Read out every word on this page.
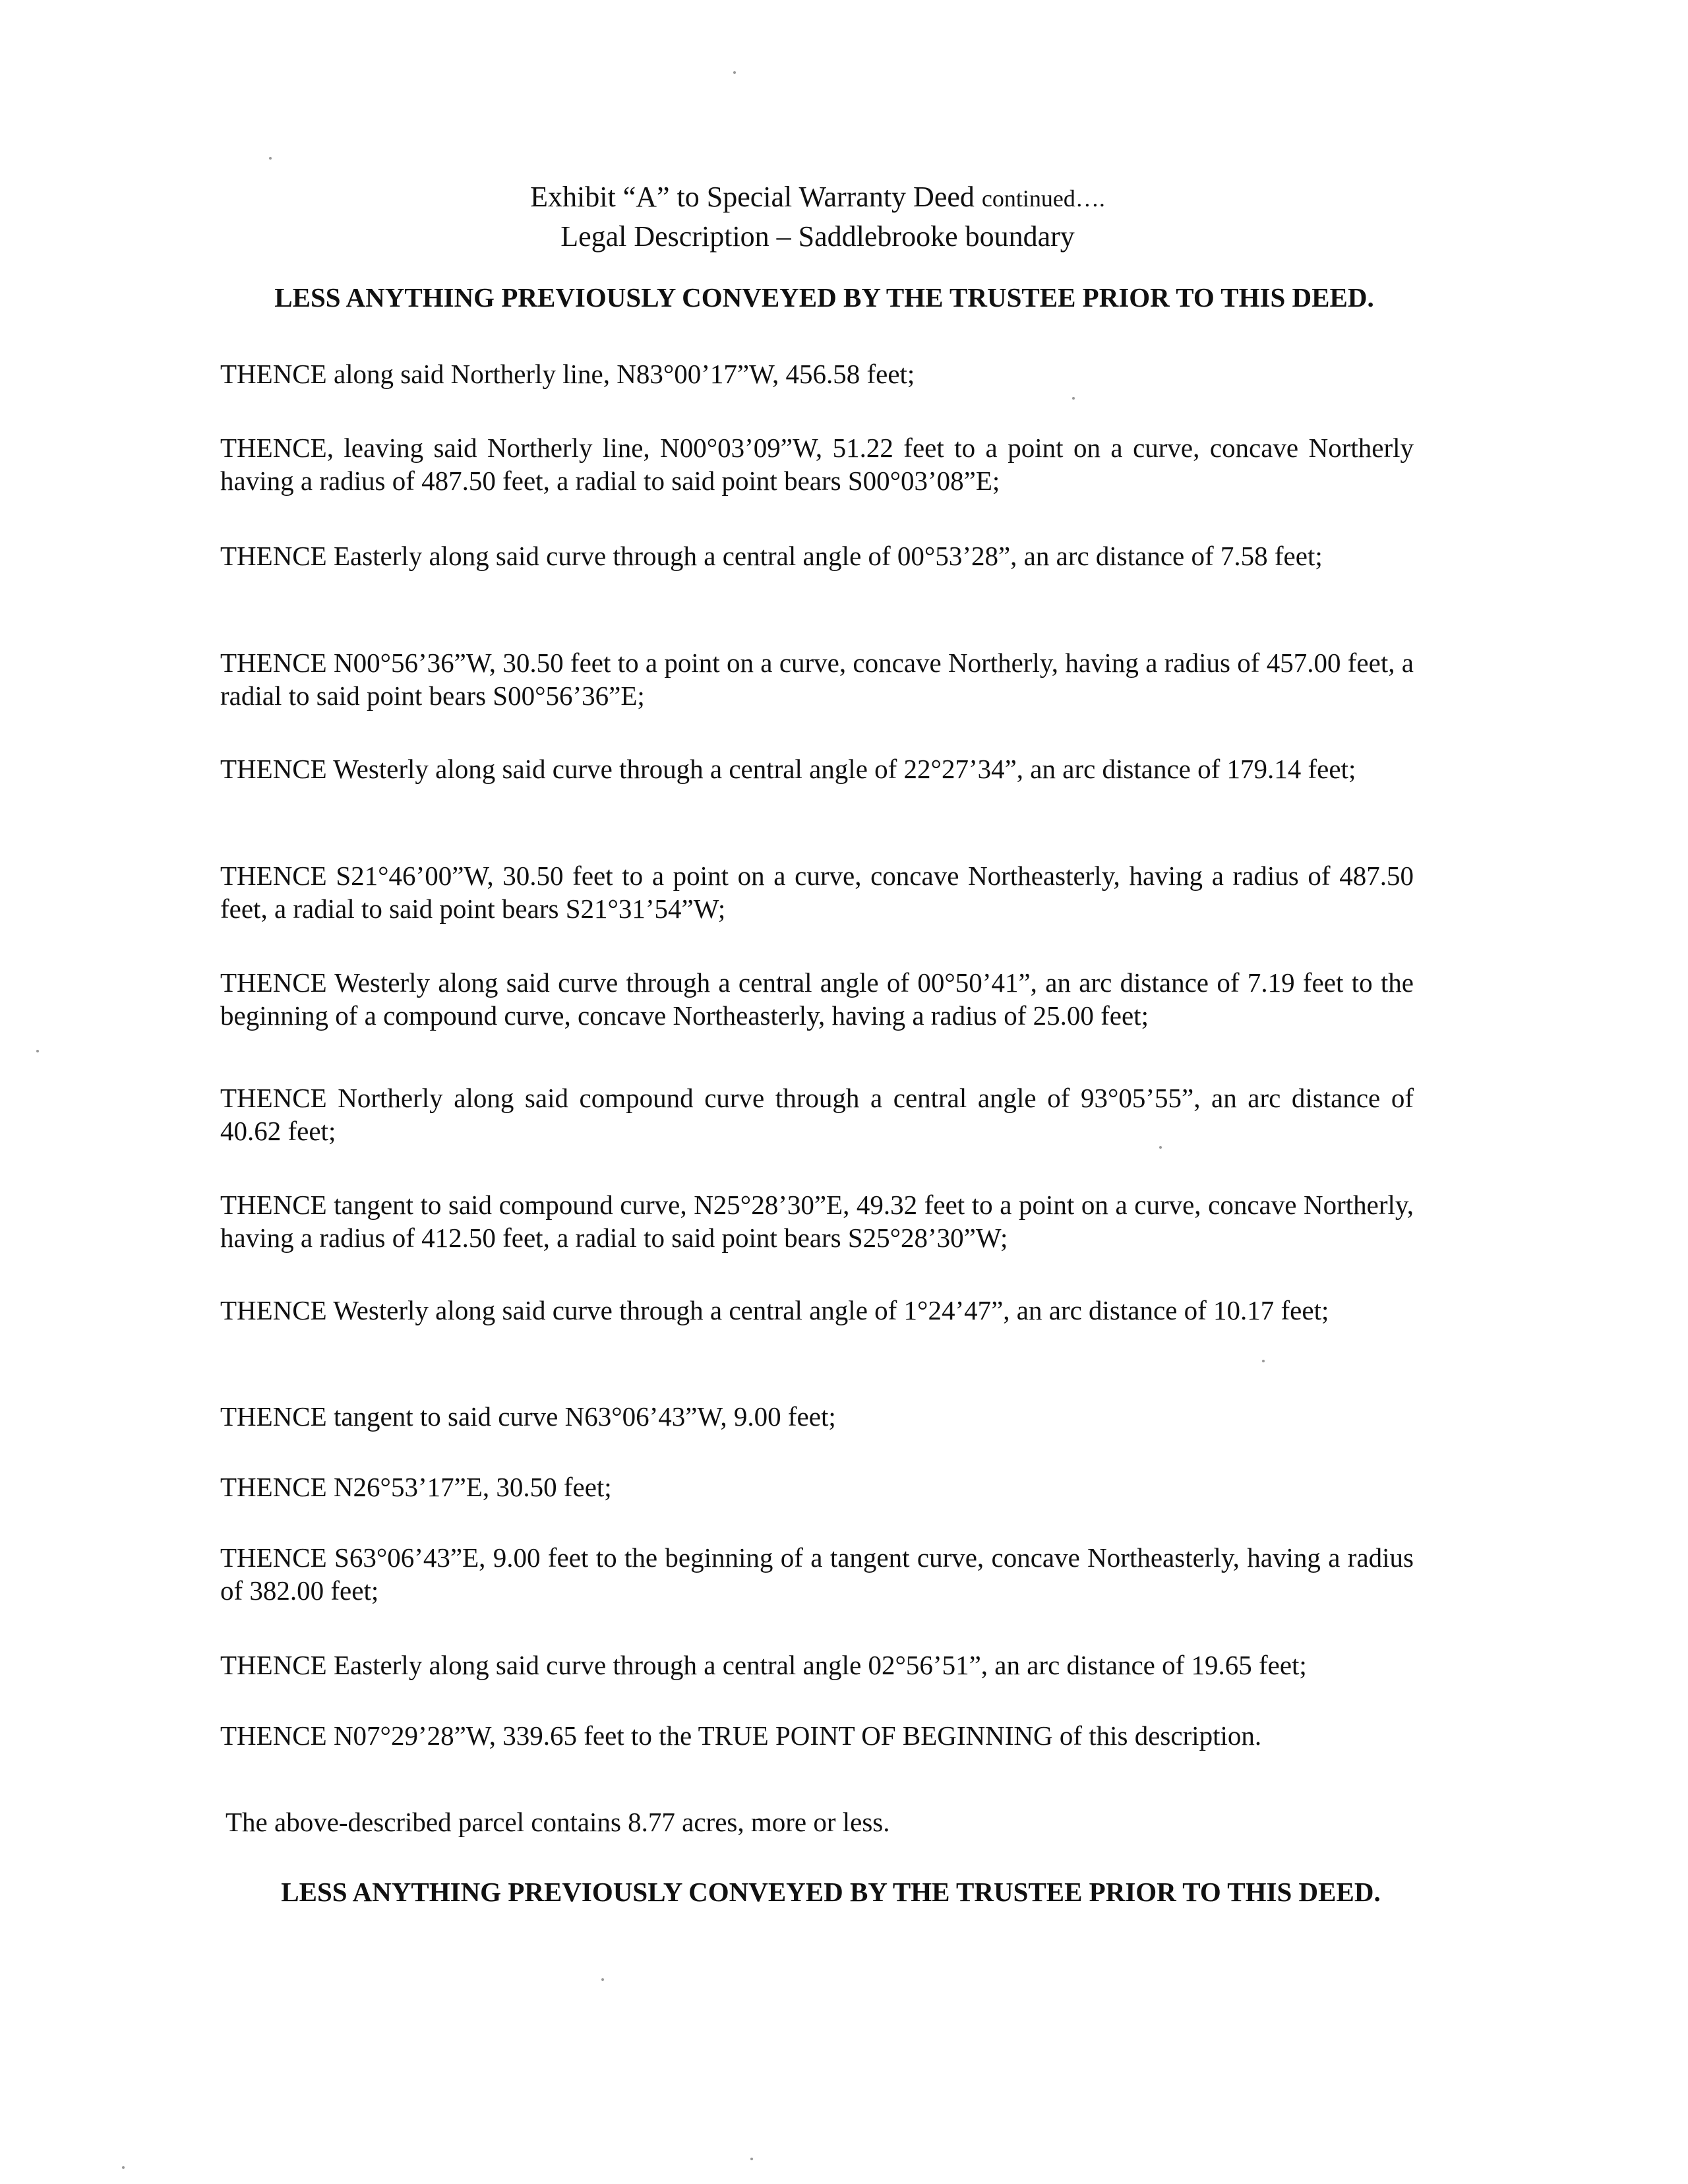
Exhibit “A” to Special Warranty Deed continued….
Legal Description – Saddlebrooke boundary
LESS ANYTHING PREVIOUSLY CONVEYED BY THE TRUSTEE PRIOR TO THIS DEED.

THENCE along said Northerly line, N83°00’17”W, 456.58 feet;

THENCE, leaving said Northerly line, N00°03’09”W, 51.22 feet to a point on a curve, concave Northerly having a radius of 487.50 feet, a radial to said point bears S00°03’08”E;

THENCE Easterly along said curve through a central angle of 00°53’28”, an arc distance of 7.58 feet;

THENCE N00°56’36”W, 30.50 feet to a point on a curve, concave Northerly, having a radius of 457.00 feet, a radial to said point bears S00°56’36”E;

THENCE Westerly along said curve through a central angle of 22°27’34”, an arc distance of 179.14 feet;

THENCE S21°46’00”W, 30.50 feet to a point on a curve, concave Northeasterly, having a radius of 487.50 feet, a radial to said point bears S21°31’54”W;

THENCE Westerly along said curve through a central angle of 00°50’41”, an arc distance of 7.19 feet to the beginning of a compound curve, concave Northeasterly, having a radius of 25.00 feet;

THENCE Northerly along said compound curve through a central angle of 93°05’55”, an arc distance of 40.62 feet;

THENCE tangent to said compound curve, N25°28’30”E, 49.32 feet to a point on a curve, concave Northerly, having a radius of 412.50 feet, a radial to said point bears S25°28’30”W;

THENCE Westerly along said curve through a central angle of 1°24’47”, an arc distance of 10.17 feet;

THENCE tangent to said curve N63°06’43”W, 9.00 feet;

THENCE N26°53’17”E, 30.50 feet;

THENCE S63°06’43”E, 9.00 feet to the beginning of a tangent curve, concave Northeasterly, having a radius of 382.00 feet;

THENCE Easterly along said curve through a central angle 02°56’51”, an arc distance of 19.65 feet;

THENCE N07°29’28”W, 339.65 feet to the TRUE POINT OF BEGINNING of this description.

The above-described parcel contains 8.77 acres, more or less.

LESS ANYTHING PREVIOUSLY CONVEYED BY THE TRUSTEE PRIOR TO THIS DEED.
